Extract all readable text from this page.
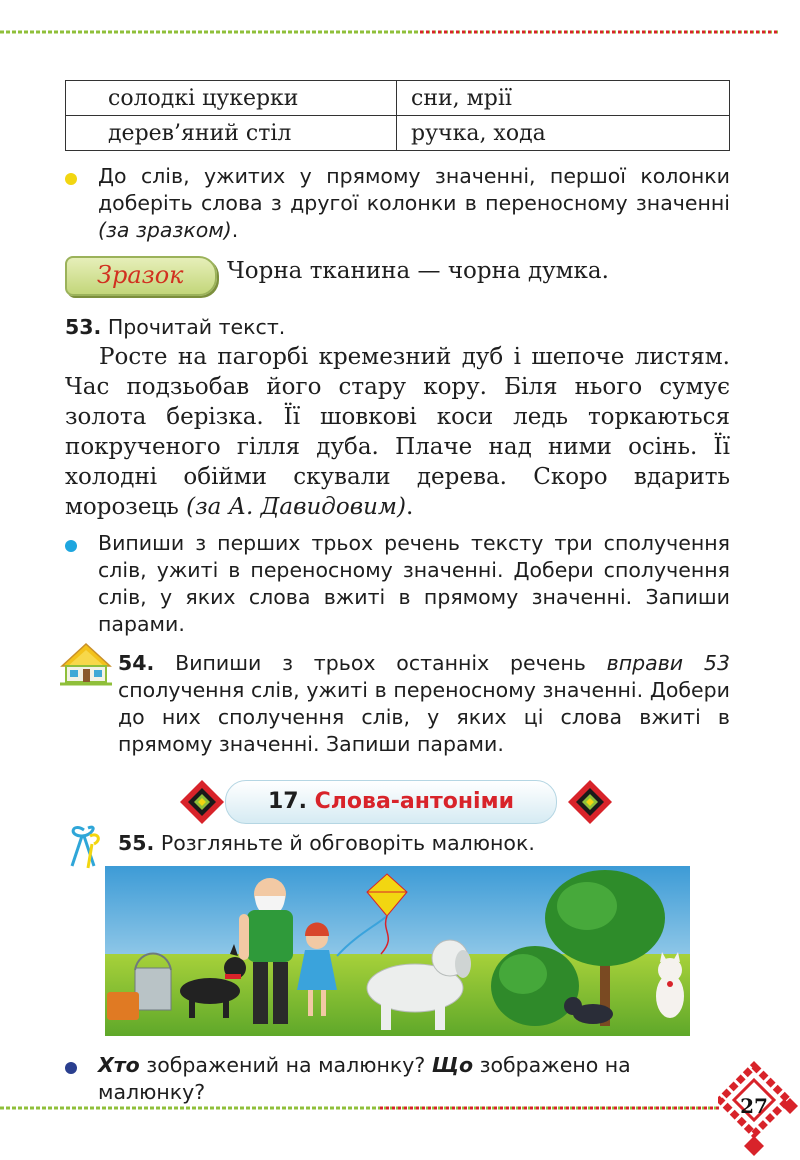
солодкі цукерки	сни, мрії
дерев’яний стіл	ручка, хода

До слів, ужитих у прямому значенні, першої колонки доберіть слова з другої колонки в переносному значенні (за зразком).

Зразок Чорна тканина — чорна думка.

53. Прочитай текст.

Росте на пагорбі кремезний дуб і шепоче листям. Час подзьобав його стару кору. Біля нього сумує золота берізка. Її шовкові коси ледь торкаються покрученого гілля дуба. Плаче над ними осінь. Її холодні обійми скували дерева. Скоро вдарить морозець (за А. Давидовим).

Випиши з перших трьох речень тексту три сполучення слів, ужиті в переносному значенні. Добери сполучення слів, у яких слова вжиті в прямому значенні. Запиши парами.

54. Випиши з трьох останніх речень вправи 53 сполучення слів, ужиті в переносному значенні. Добери до них сполучення слів, у яких ці слова вжиті в прямому значенні. Запиши парами.

17. Слова-антоніми

55. Розгляньте й обговоріть малюнок.

Хто зображений на малюнку? Що зображено на малюнку?

27
